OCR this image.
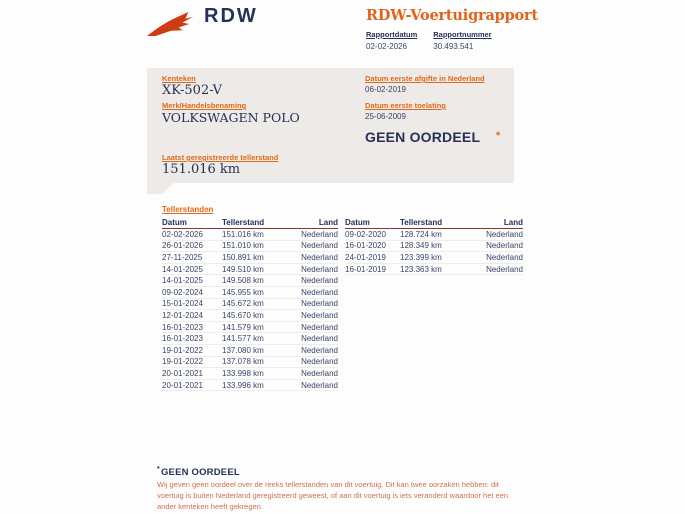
RDW	RDW-Voertuigrapport
Rapportdatum
02-02-2026
Rapportnummer
30.493.541
Kenteken
XK-502-V
Merk/Handelsbenaming
VOLKSWAGEN POLO
Laatst geregistreerde tellerstand
151.016 km
Datum eerste afgifte in Nederland
06-02-2019
Datum eerste toelating
25-06-2009
GEEN OORDEEL *
Tellerstanden
Datum	Tellerstand	Land
02-02-2026	151.016 km	Nederland
26-01-2026	151.010 km	Nederland
27-11-2025	150.891 km	Nederland
14-01-2025	149.510 km	Nederland
14-01-2025	149.508 km	Nederland
09-02-2024	145.955 km	Nederland
15-01-2024	145.672 km	Nederland
12-01-2024	145.670 km	Nederland
16-01-2023	141.579 km	Nederland
16-01-2023	141.577 km	Nederland
19-01-2022	137.080 km	Nederland
19-01-2022	137.078 km	Nederland
20-01-2021	133.998 km	Nederland
20-01-2021	133.996 km	Nederland
Datum	Tellerstand	Land
09-02-2020	128.724 km	Nederland
16-01-2020	128.349 km	Nederland
24-01-2019	123.399 km	Nederland
16-01-2019	123.363 km	Nederland
*GEEN OORDEEL
Wij geven geen oordeel over de reeks tellerstanden van dit voertuig. Dit kan twee oorzaken hebben: dit voertuig is buiten Nederland geregistreerd geweest, of aan dit voertuig is iets veranderd waardoor het een ander kenteken heeft gekregen.
